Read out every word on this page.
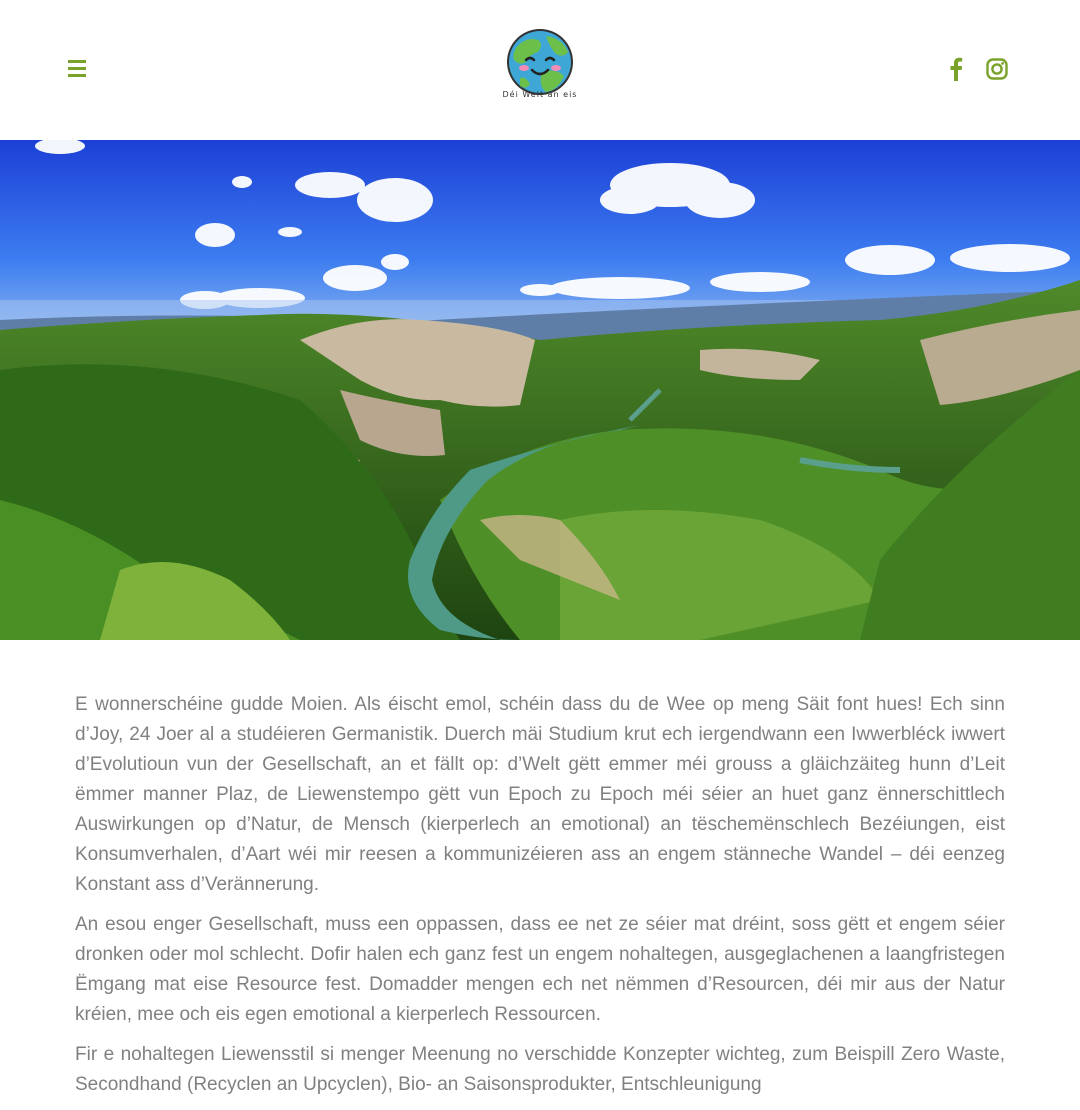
Déi Welt an eis

E wonnerschéine gudde Moien. Als éischt emol, schéin dass du de Wee op meng Säit font hues! Ech sinn d’Joy, 24 Joer al a studéieren Germanistik. Duerch mäi Studium krut ech iergendwann een Iwwerbléck iwwert d’Evolutioun vun der Gesellschaft, an et fällt op: d’Welt gëtt emmer méi grouss a gläichzäiteg hunn d’Leit ëmmer manner Plaz, de Liewenstempo gëtt vun Epoch zu Epoch méi séier an huet ganz ënnerschittlech Auswirkungen op d’Natur, de Mensch (kierperlech an emotional) an tëschemënschlech Bezéiungen, eist Konsumverhalen, d’Aart wéi mir reesen a kommunizéieren ass an engem stänneche Wandel – déi eenzeg Konstant ass d’Verännerung.

An esou enger Gesellschaft, muss een oppassen, dass ee net ze séier mat dréint, soss gëtt et engem séier dronken oder mol schlecht. Dofir halen ech ganz fest un engem nohaltegen, ausgeglachenen a laangfristegen Ëmgang mat eise Resource fest. Domadder mengen ech net nëmmen d’Resourcen, déi mir aus der Natur kréien, mee och eis egen emotional a kierperlech Ressourcen.

Fir e nohaltegen Liewensstil si menger Meenung no verschidde Konzepter wichteg, zum Beispill Zero Waste, Secondhand (Recyclen an Upcyclen), Bio- an Saisonsprodukter, Entschleunigung
